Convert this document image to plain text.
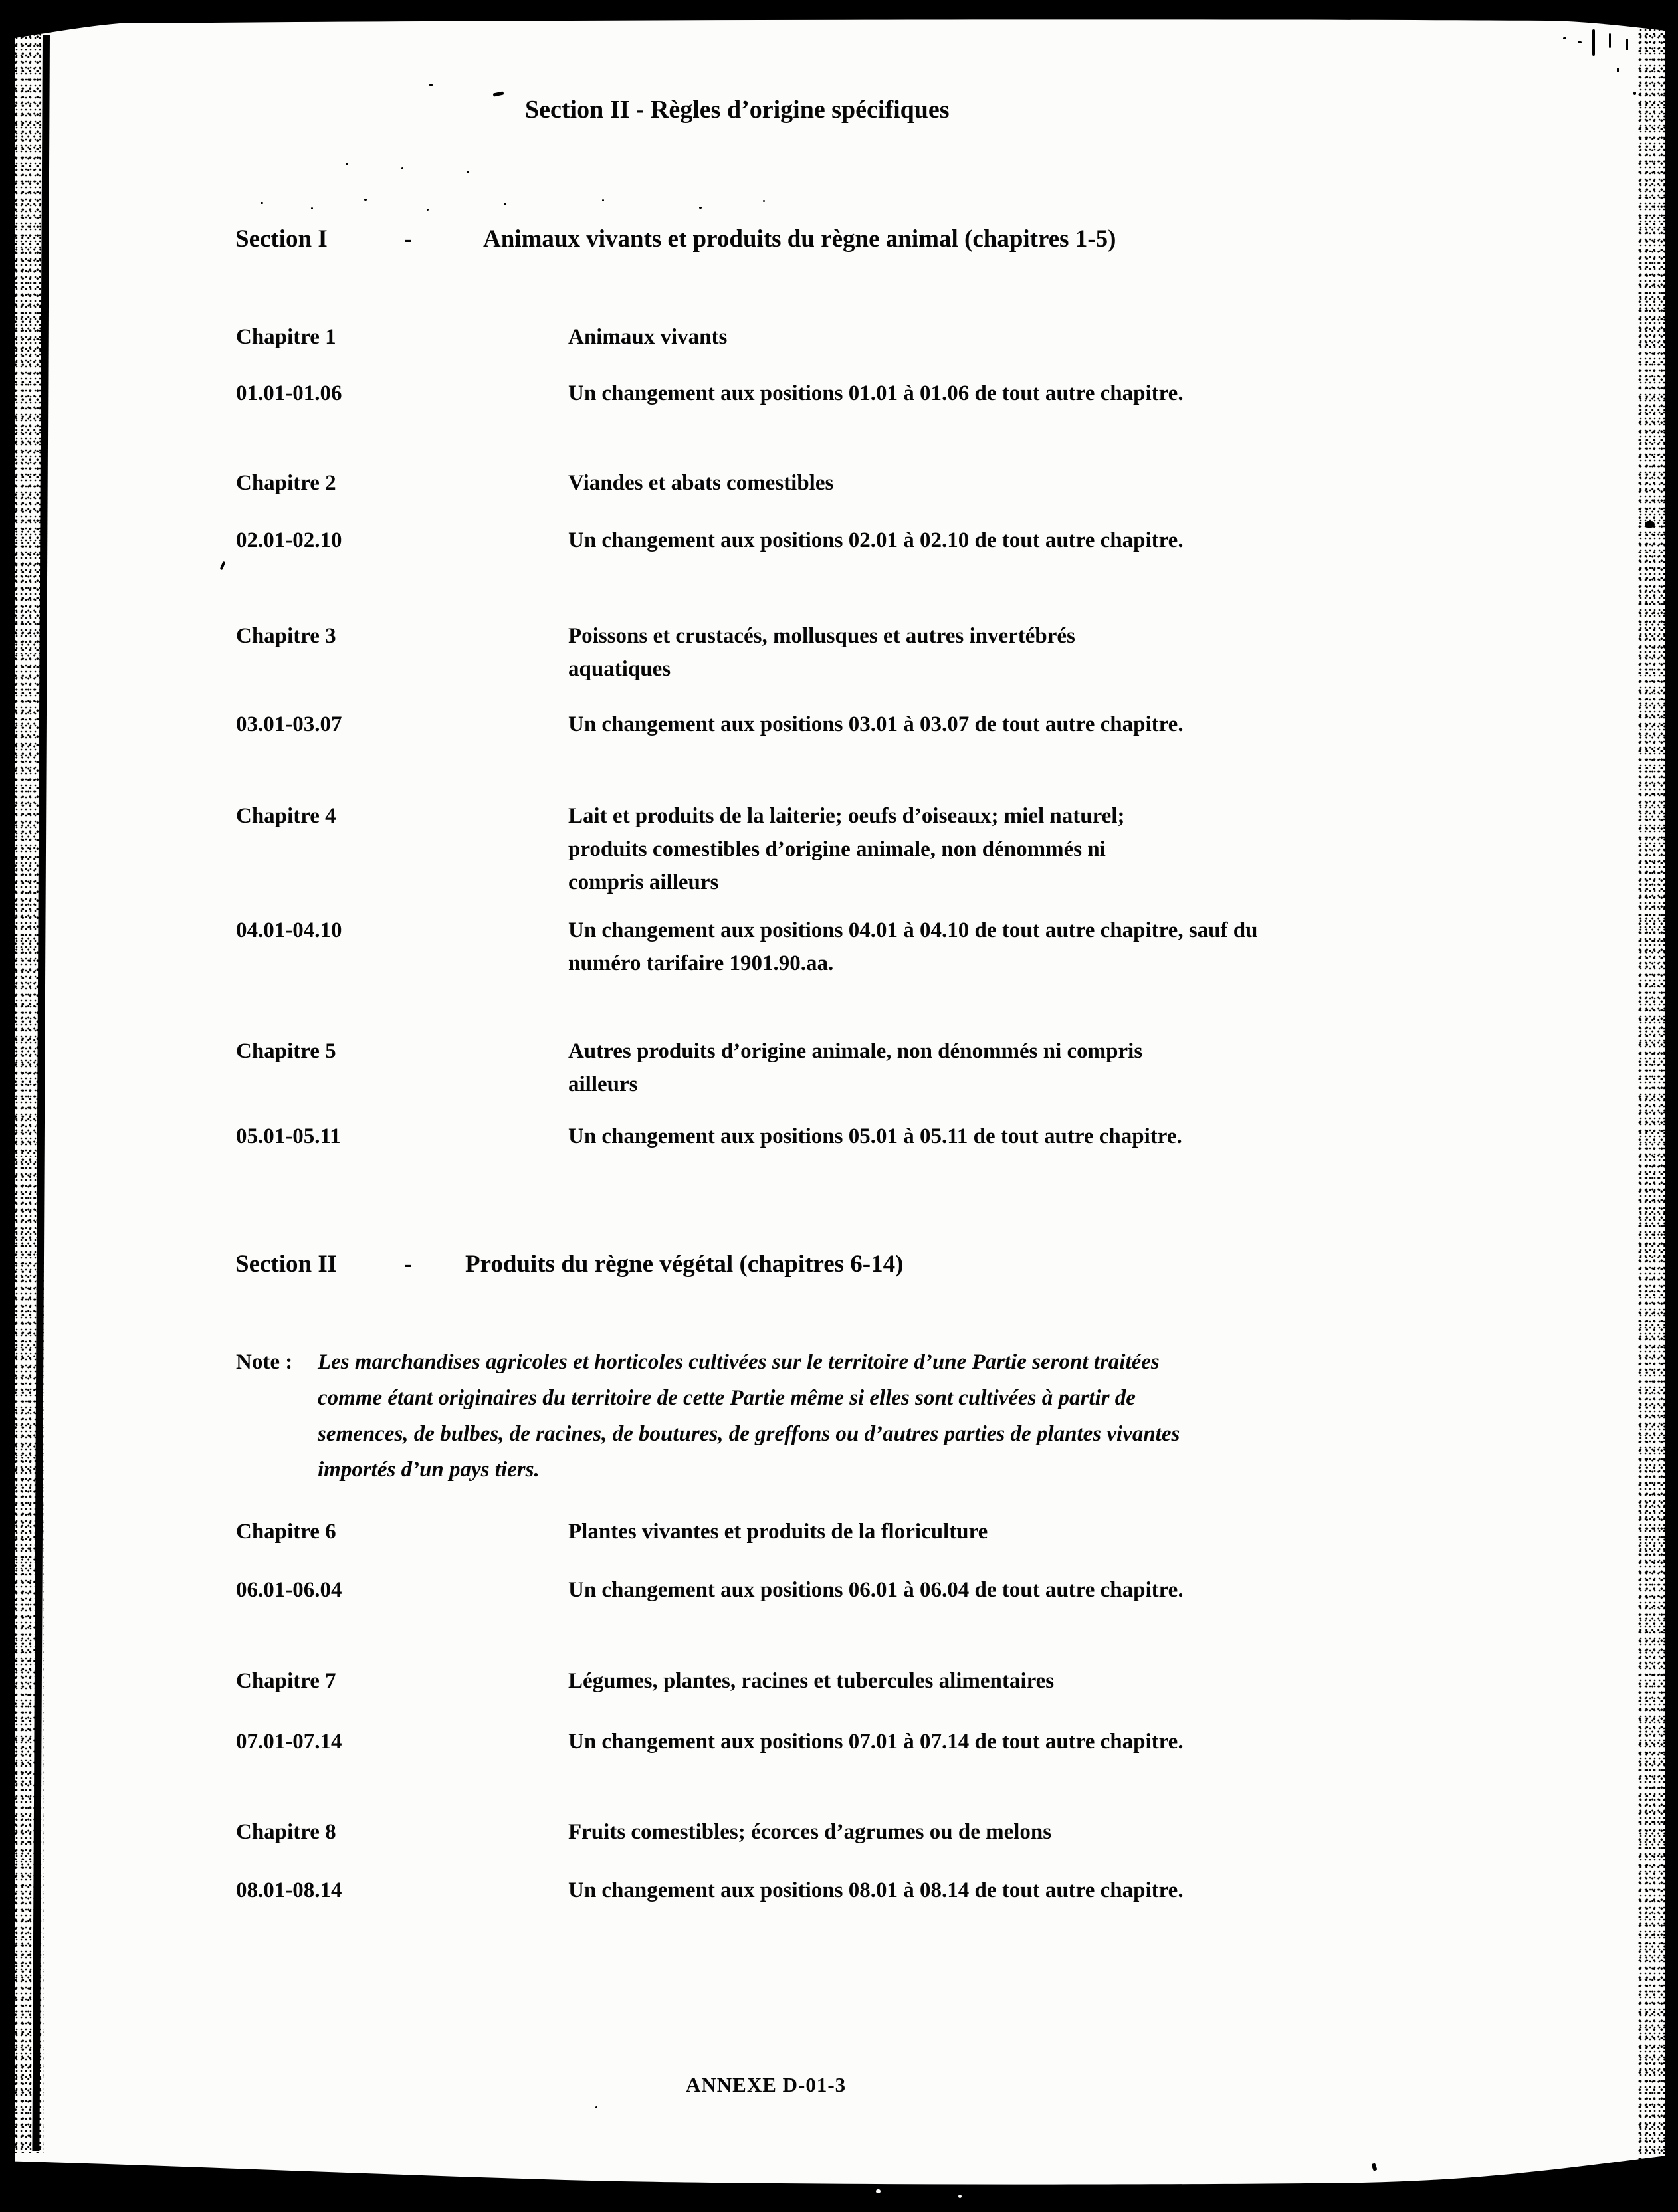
Section II - Règles d’origine spécifiques
Section I	-	Animaux vivants et produits du règne animal (chapitres 1-5)
Chapitre 1	Animaux vivants
01.01-01.06	Un changement aux positions 01.01 à 01.06 de tout autre chapitre.
Chapitre 2	Viandes et abats comestibles
02.01-02.10	Un changement aux positions 02.01 à 02.10 de tout autre chapitre.
Chapitre 3	Poissons et crustacés, mollusques et autres invertébrés aquatiques
03.01-03.07	Un changement aux positions 03.01 à 03.07 de tout autre chapitre.
Chapitre 4	Lait et produits de la laiterie; oeufs d’oiseaux; miel naturel; produits comestibles d’origine animale, non dénommés ni compris ailleurs
04.01-04.10	Un changement aux positions 04.01 à 04.10 de tout autre chapitre, sauf du numéro tarifaire 1901.90.aa.
Chapitre 5	Autres produits d’origine animale, non dénommés ni compris ailleurs
05.01-05.11	Un changement aux positions 05.01 à 05.11 de tout autre chapitre.
Section II	- Produits du règne végétal (chapitres 6-14)
Note : Les marchandises agricoles et horticoles cultivées sur le territoire d’une Partie seront traitées comme étant originaires du territoire de cette Partie même si elles sont cultivées à partir de semences, de bulbes, de racines, de boutures, de greffons ou d’autres parties de plantes vivantes importés d’un pays tiers.
Chapitre 6	Plantes vivantes et produits de la floriculture
06.01-06.04	Un changement aux positions 06.01 à 06.04 de tout autre chapitre.
Chapitre 7	Légumes, plantes, racines et tubercules alimentaires
07.01-07.14	Un changement aux positions 07.01 à 07.14 de tout autre chapitre.
Chapitre 8	Fruits comestibles; écorces d’agrumes ou de melons
08.01-08.14	Un changement aux positions 08.01 à 08.14 de tout autre chapitre.
ANNEXE D-01-3
